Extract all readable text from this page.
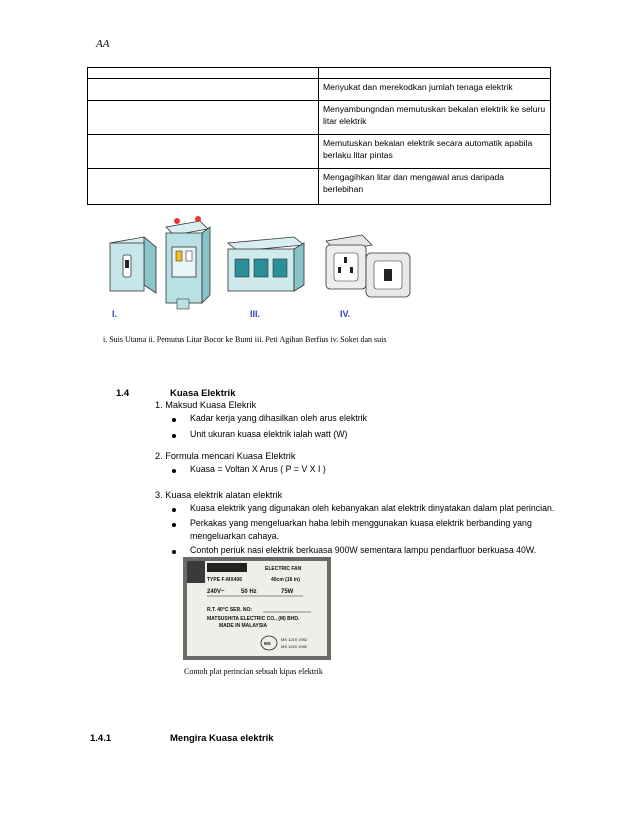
AA

	Menyukat dan merekodkan jumlah tenaga elektrik
	Menyambungndan memutuskan bekalan elektrik ke seluru litar elektrik
	Memutuskan bekalan elektrik secara automatik apabila berlaku litar pintas
	Mengagihkan litar dan mengawal arus daripada berlebihan
I.	III.	IV.
i. Suis Utama ii. Pemutus Litar Bocor ke Bumi iii. Peti Agihan Berfius iv. Soket dan suis
1.4	Kuasa Elektrik
1. Maksud Kuasa Elekrik
Kadar kerja yang dihasilkan oleh arus elektrik
Unit ukuran kuasa elektrik ialah watt (W)
2. Formula mencari Kuasa Elektrik
Kuasa = Voltan X Arus ( P = V X I )
3. Kuasa elektrik alatan elektrik
Kuasa elektrik yang digunakan oleh kebanyakan alat elektrik dinyatakan dalam plat perincian.
Perkakas yang mengeluarkan haba lebih menggunakan kuasa elektrik berbanding yang
mengeluarkan cahaya.
Contoh periuk nasi elektrik berkuasa 900W sementara lampu pendarfluor berkuasa 40W.
ELECTRIC FAN
TYPE F-MX406	40cm (16 in)
240V~	50 Hz	75W
R.T. 40°C SER. NO:
MATSUSHITA ELECTRIC CO., (M) BHD.
MADE IN MALAYSIA
MS
MS 1219 1992
MS 1220 1992
Contoh plat perincian sebuah kipas elektrik
1.4.1	Mengira Kuasa elektrik
